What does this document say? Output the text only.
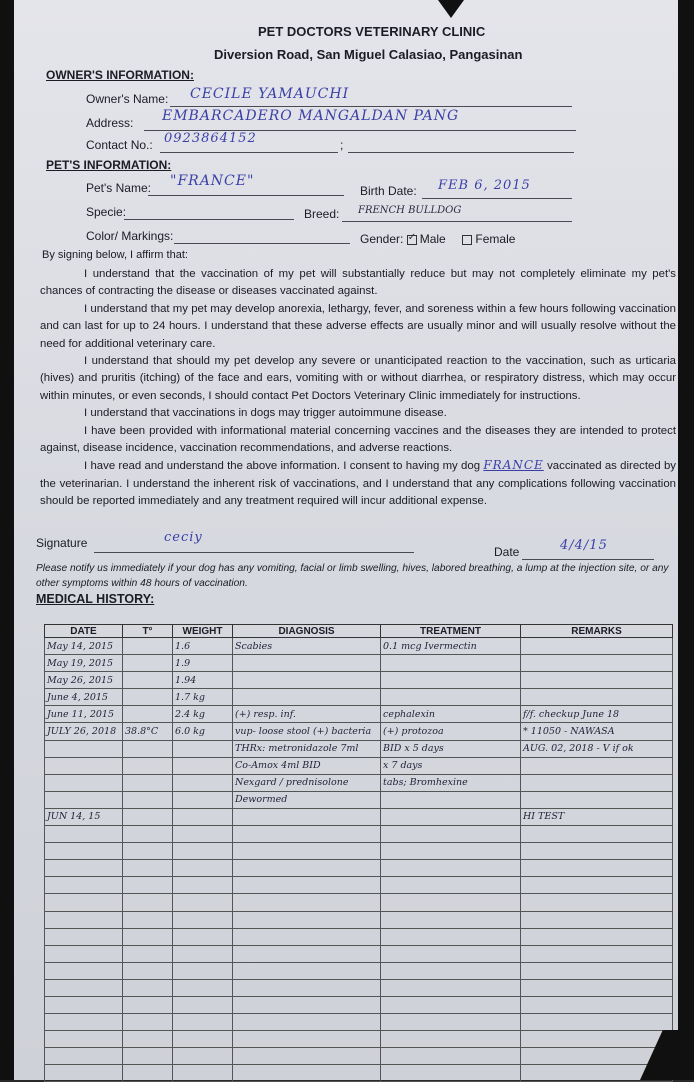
PET DOCTORS VETERINARY CLINIC
Diversion Road, San Miguel Calasiao, Pangasinan
OWNER'S INFORMATION:
Owner's Name: CECILE YAMAUCHI
Address: EMBARCADERO MANGALDAN PANG
Contact No.:	;
0923864152
PET'S INFORMATION:
Pet's Name: "FRANCE"
Birth Date: FEB 6, 2015
Specie:	Breed: FRENCH BULLDOG
Color/ Markings:	Gender: ✓ Male Female
By signing below, I affirm that:

I understand that the vaccination of my pet will substantially reduce but may not completely eliminate my pet's chances of contracting the disease or diseases vaccinated against.

I understand that my pet may develop anorexia, lethargy, fever, and soreness within a few hours following vaccination and can last for up to 24 hours. I understand that these adverse effects are usually minor and will usually resolve without the need for additional veterinary care.

I understand that should my pet develop any severe or unanticipated reaction to the vaccination, such as urticaria (hives) and pruritis (itching) of the face and ears, vomiting with or without diarrhea, or respiratory distress, which may occur within minutes, or even seconds, I should contact Pet Doctors Veterinary Clinic immediately for instructions.

I understand that vaccinations in dogs may trigger autoimmune disease.

I have been provided with informational material concerning vaccines and the diseases they are intended to protect against, disease incidence, vaccination recommendations, and adverse reactions.

I have read and understand the above information. I consent to having my dog FRANCE vaccinated as directed by the veterinarian. I understand the inherent risk of vaccinations, and I understand that any complications following vaccination should be reported immediately and any treatment required will incur additional expense.

Signature	ceciy
Date	4/4/15
Please notify us immediately if your dog has any vomiting, facial or limb swelling, hives, labored breathing, a lump at the injection site, or any other symptoms within 48 hours of vaccination.
MEDICAL HISTORY:
DATE	T°	WEIGHT	DIAGNOSIS	TREATMENT	REMARKS
May 14, 2015		1.6	Scabies	0.1 mcg Ivermectin	
May 19, 2015		1.9			
May 26, 2015		1.94			
June 4, 2015		1.7 kg			
June 11, 2015		2.4 kg	(+) resp. inf.	cephalexin	f/f. checkup June 18
JULY 26, 2018	38.8°C	6.0 kg	vup- loose stool (+) bacteria	(+) protozoa	* 11050 - NAWASA
			THRx: metronidazole 7ml	BID x 5 days	AUG. 02, 2018 - V if ok
			Co-Amox 4ml BID	x 7 days	
			Nexgard / prednisolone	tabs; Bromhexine	
			Dewormed		
JUN 14, 15					HI TEST
